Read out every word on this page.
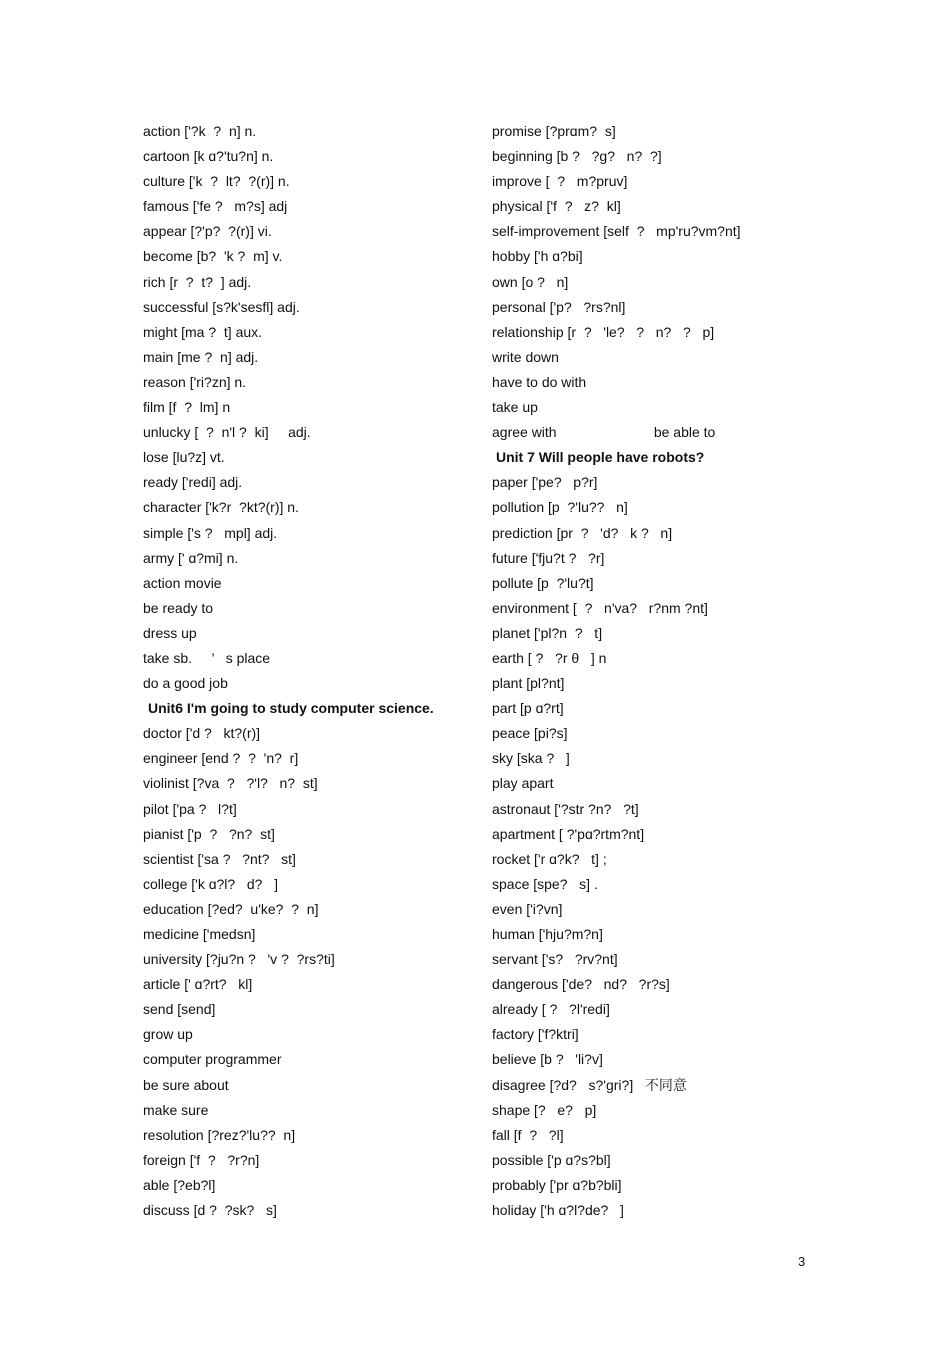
action ['?k  ?  n] n.
cartoon [k ɑ?'tu?n] n.
culture ['k  ?  lt?  ?(r)] n.
famous ['fe ?   m?s] adj
appear [?'p?  ?(r)] vi.
become [b?  'k ?  m] v.
rich [r  ?  t?  ] adj.
successful [s?k'sesfl] adj.
might [ma ?  t] aux.
main [me ?  n] adj.
reason ['ri?zn] n.
film [f  ?  lm] n
unlucky [  ?  n'l ?  ki]     adj.
lose [lu?z] vt.
ready ['redi] adj.
character ['k?r  ?kt?(r)] n.
simple ['s ?   mpl] adj.
army [' ɑ?mi] n.
action movie
be ready to
dress up
take sb.     ’   s place
do a good job
Unit6 I'm going to study computer science.
doctor ['d ?   kt?(r)]
engineer [end ?  ?  'n?  r]
violinist [?va  ?   ?'l?   n?  st]
pilot ['pa ?   l?t]
pianist ['p  ?   ?n?  st]
scientist ['sa ?   ?nt?   st]
college ['k ɑ?l?   d?   ]
education [?ed?  u'ke?  ?  n]
medicine ['medsn]
university [?ju?n ?   'v ?  ?rs?ti]
article [' ɑ?rt?   kl]
send [send]
grow up
computer programmer
be sure about
make sure
resolution [?rez?'lu??  n]
foreign ['f  ?   ?r?n]
able [?eb?l]
discuss [d ?  ?sk?   s]
promise [?prɑm?  s]
beginning [b ?   ?g?   n?  ?]
improve [  ?   m?pruv]
physical ['f  ?   z?  kl]
self-improvement [self  ?   mp'ru?vm?nt]
hobby ['h ɑ?bi]
own [o ?   n]
personal ['p?   ?rs?nl]
relationship [r  ?   'le?   ?   n?   ?   p]
write down
have to do with
take up
agree with                         be able to
Unit 7 Will people have robots?
paper ['pe?   p?r]
pollution [p  ?'lu??   n]
prediction [pr  ?   'd?   k ?   n]
future ['fju?t ?   ?r]
pollute [p  ?'lu?t]
environment [  ?   n'va?   r?nm ?nt]
planet ['pl?n  ?   t]
earth [ ?   ?r θ   ] n
plant [pl?nt]
part [p ɑ?rt]
peace [pi?s]
sky [ska ?   ]
play apart
astronaut ['?str ?n?   ?t]
apartment [ ?'pɑ?rtm?nt]
rocket ['r ɑ?k?   t] ;
space [spe?   s] .
even ['i?vn]
human ['hju?m?n]
servant ['s?   ?rv?nt]
dangerous ['de?   nd?   ?r?s]
already [ ?   ?l'redi]
factory ['f?ktri]
believe [b ?   'li?v]
disagree [?d?   s?'gri?]   不同意
shape [?   e?   p]
fall [f  ?   ?l]
possible ['p ɑ?s?bl]
probably ['pr ɑ?b?bli]
holiday ['h ɑ?l?de?   ]
3
